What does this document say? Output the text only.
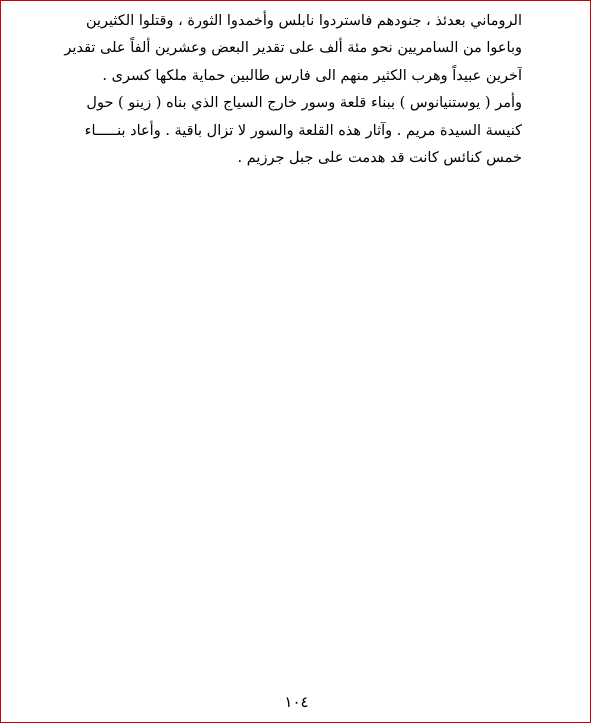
الروماني بعدئذ ، جنودهم فاستردوا نابلس وأخمدوا الثورة ، وقتلوا الكثيرين
وباعوا من السامريين نحو مئة ألف على تقدير البعض وعشرين ألفاً على تقدير
آخرين عبيداً وهرب الكثير منهم الى فارس طالبين حماية ملكها كسرى .
وأمر ( يوستنيانوس ) ببناء قلعة وسور خارج السياج الذي بناه ( زينو ) حول
كنيسة السيدة مريم . وآثار هذه القلعة والسور لا تزال باقية . وأعاد بنـــــاء
خمس كنائس كانت قد هدمت على جبل جرزيم .
١٠٤
